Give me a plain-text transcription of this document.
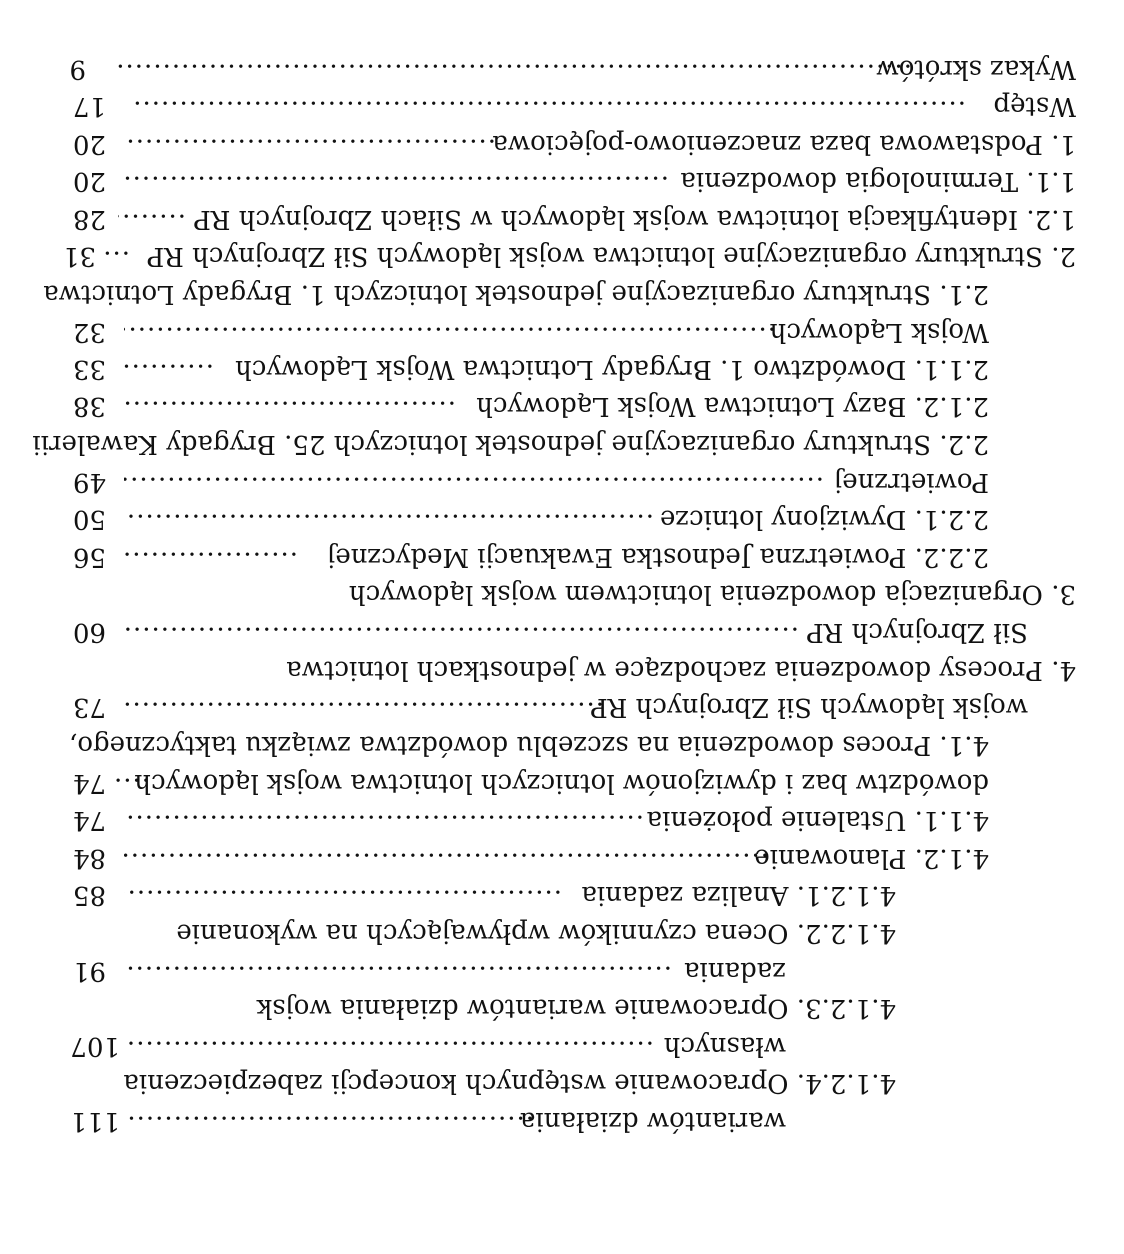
Wykaz skrótów
.....
9
Wstęp
.....
17
1. Podstawowa baza znaczeniowo-pojęciowa
.....
20
1.1. Terminologia dowodzenia
.....
20
1.2. Identyfikacja lotnictwa wojsk lądowych w Siłach Zbrojnych RP
.....
28
2. Struktury organizacyjne lotnictwa wojsk lądowych Sił Zbrojnych RP
.....
31
2.1. Struktury organizacyjne jednostek lotniczych 1. Brygady Lotnictwa
Wojsk Lądowych
.....
32
2.1.1. Dowództwo 1. Brygady Lotnictwa Wojsk Lądowych
.....
33
2.1.2. Bazy Lotnictwa Wojsk Lądowych
.....
38
2.2. Struktury organizacyjne jednostek lotniczych 25. Brygady Kawalerii
Powietrznej
.....
49
2.2.1. Dywizjony lotnicze
.....
50
2.2.2. Powietrzna Jednostka Ewakuacji Medycznej
.....
56
3. Organizacja dowodzenia lotnictwem wojsk lądowych
Sił Zbrojnych RP
.....
60
4. Procesy dowodzenia zachodzące w jednostkach lotnictwa
wojsk lądowych Sił Zbrojnych RP
.....
73
4.1. Proces dowodzenia na szczeblu dowództwa związku taktycznego,
dowództw baz i dywizjonów lotniczych lotnictwa wojsk lądowych
.....
74
4.1.1. Ustalenie położenia
.....
74
4.1.2. Planowanie
.....
84
4.1.2.1. Analiza zadania
.....
85
4.1.2.2. Ocena czynników wpływających na wykonanie
zadania
.....
91
4.1.2.3. Opracowanie wariantów działania wojsk
własnych
.....
107
4.1.2.4. Opracowanie wstępnych koncepcji zabezpieczenia
wariantów działania
.....
111
